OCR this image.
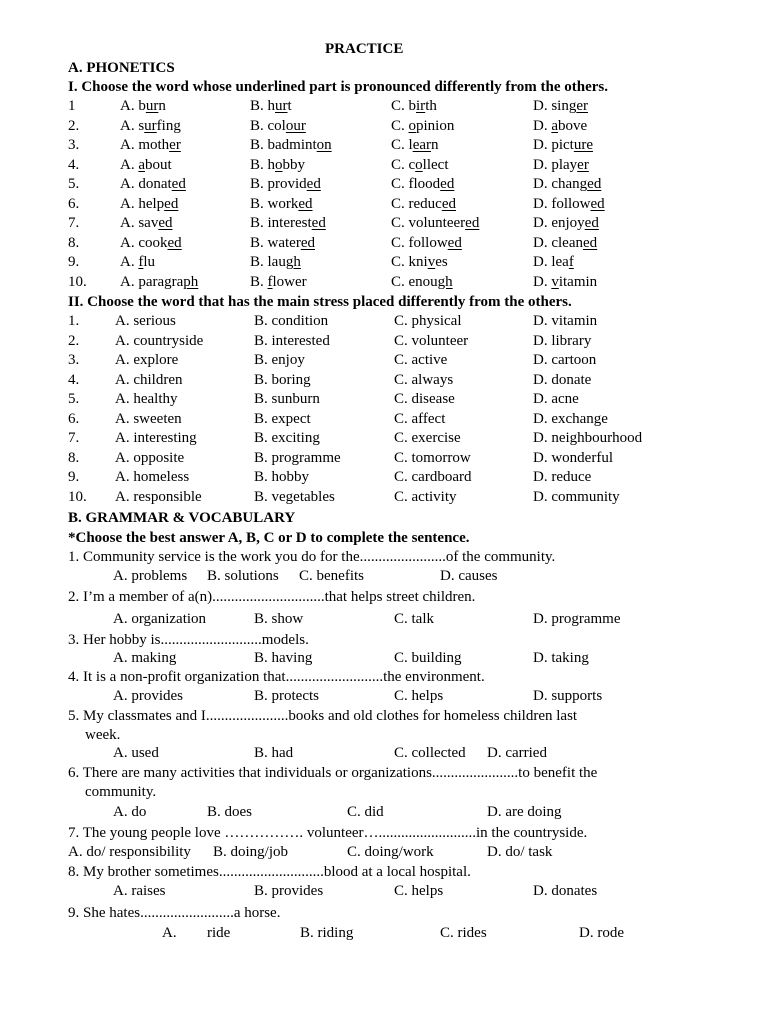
PRACTICE
A. PHONETICS
I. Choose the word whose underlined part is pronounced differently from the others.
1	A. burn	B. hurt	C. birth	D. singer
2.	A. surfing	B. colour	C. opinion	D. above
3.	A. mother	B. badminton	C. learn	D. picture
4.	A. about	B. hobby	C. collect	D. player
5.	A. donated	B. provided	C. flooded	D. changed
6.	A. helped	B. worked	C. reduced	D. followed
7.	A. saved	B. interested	C. volunteered	D. enjoyed
8.	A. cooked	B. watered	C. followed	D. cleaned
9.	A. flu	B. laugh	C. knives	D. leaf
10. A. paragraph	B. flower	C. enough	D. vitamin
II. Choose the word that has the main stress placed differently from the others.
1. A. serious	B. condition	C. physical	D. vitamin
2. A. countryside	B. interested	C. volunteer	D. library
3. A. explore	B. enjoy	C. active	D. cartoon
4. A. children	B. boring	C. always	D. donate
5. A. healthy	B. sunburn	C. disease	D. acne
6. A. sweeten	B. expect	C. affect	D. exchange
7. A. interesting	B. exciting	C. exercise	D. neighbourhood
8. A. opposite	B. programme	C. tomorrow	D. wonderful
9. A. homeless	B. hobby	C. cardboard	D. reduce
10. A. responsible	B. vegetables	C. activity	D. community
B. GRAMMAR & VOCABULARY
*Choose the best answer A, B, C or D to complete the sentence.
1. Community service is the work you do for the.......................of the community.
A. problems B. solutions C. benefits	D. causes
2. I’m a member of a(n)..............................that helps street children.
A. organization	B. show	C. talk	D. programme
3. Her hobby is...........................models.
A. making	B. having	C. building	D. taking
4. It is a non-profit organization that..........................the environment.
A. provides	B. protects	C. helps	D. supports
5. My classmates and I......................books and old clothes for homeless children last
week.
A. used	B. had	C. collected D. carried
6. There are many activities that individuals or organizations.......................to benefit the
community.
A. do	B. does	C. did	D. are doing
7. The young people love ……………. volunteer…..........................in the countryside.
A. do/ responsibility B. doing/job	C. doing/work	D. do/ task
8. My brother sometimes............................blood at a local hospital.
A. raises	B. provides	C. helps	D. donates
9. She hates.........................a horse.
A. ride	B. riding	C. rides	D. rode
